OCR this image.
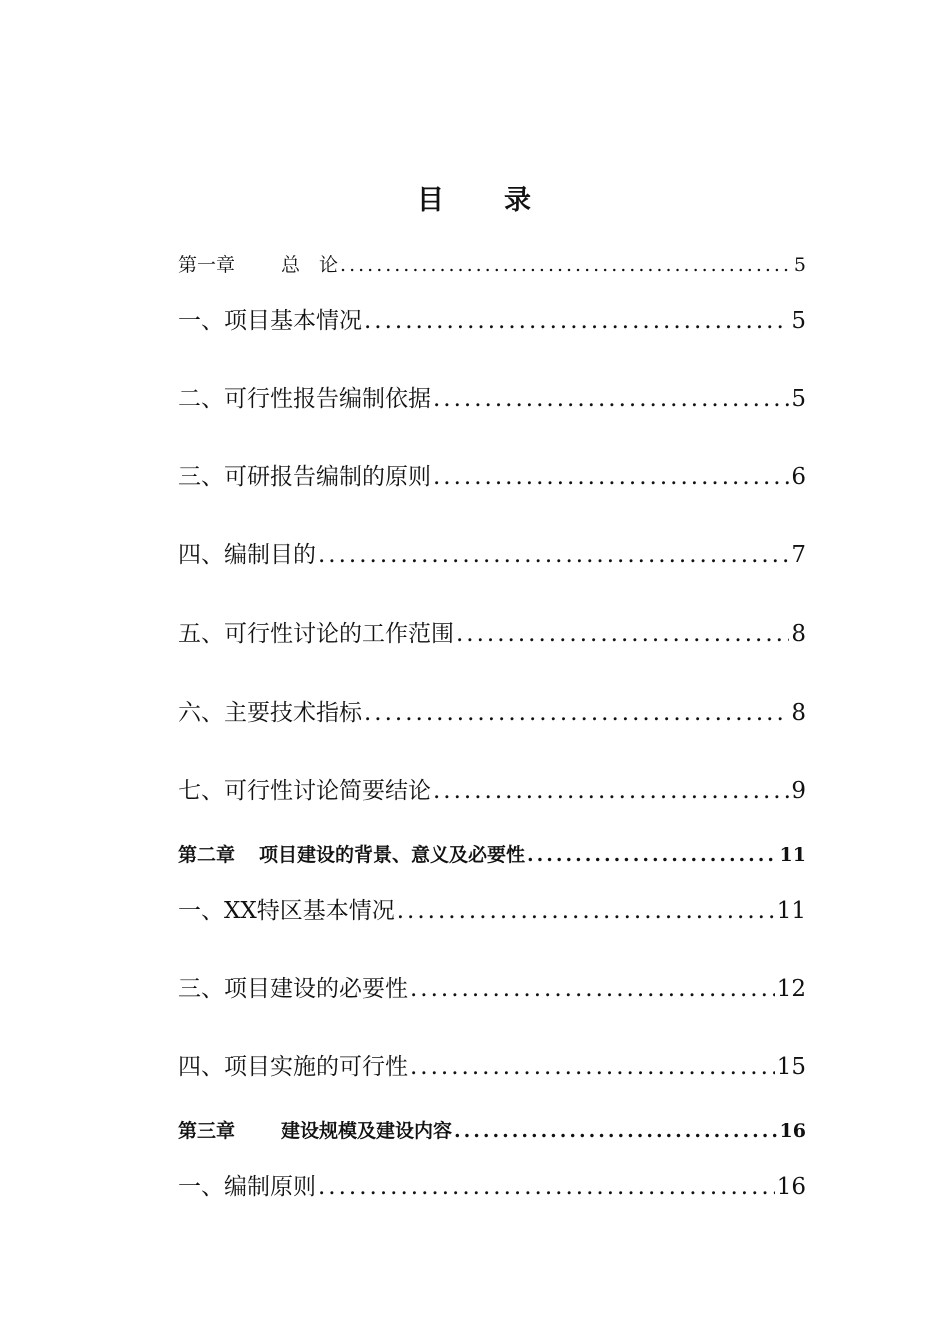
目 录
第一章 总　论 .....	5
一、项目基本情况 .....	5
二、可行性报告编制依据 .....	5
三、可研报告编制的原则 .....	6
四、编制目的 .....	7
五、可行性讨论的工作范围 .....	8
六、主要技术指标 .....	8
七、可行性讨论简要结论 .....	9
第二章 项目建设的背景、意义及必要性 .....	11
一、XX特区基本情况 .....	11
三、项目建设的必要性 .....	12
四、项目实施的可行性 .....	15
第三章 建设规模及建设内容 .....	16
一、编制原则 .....	16
